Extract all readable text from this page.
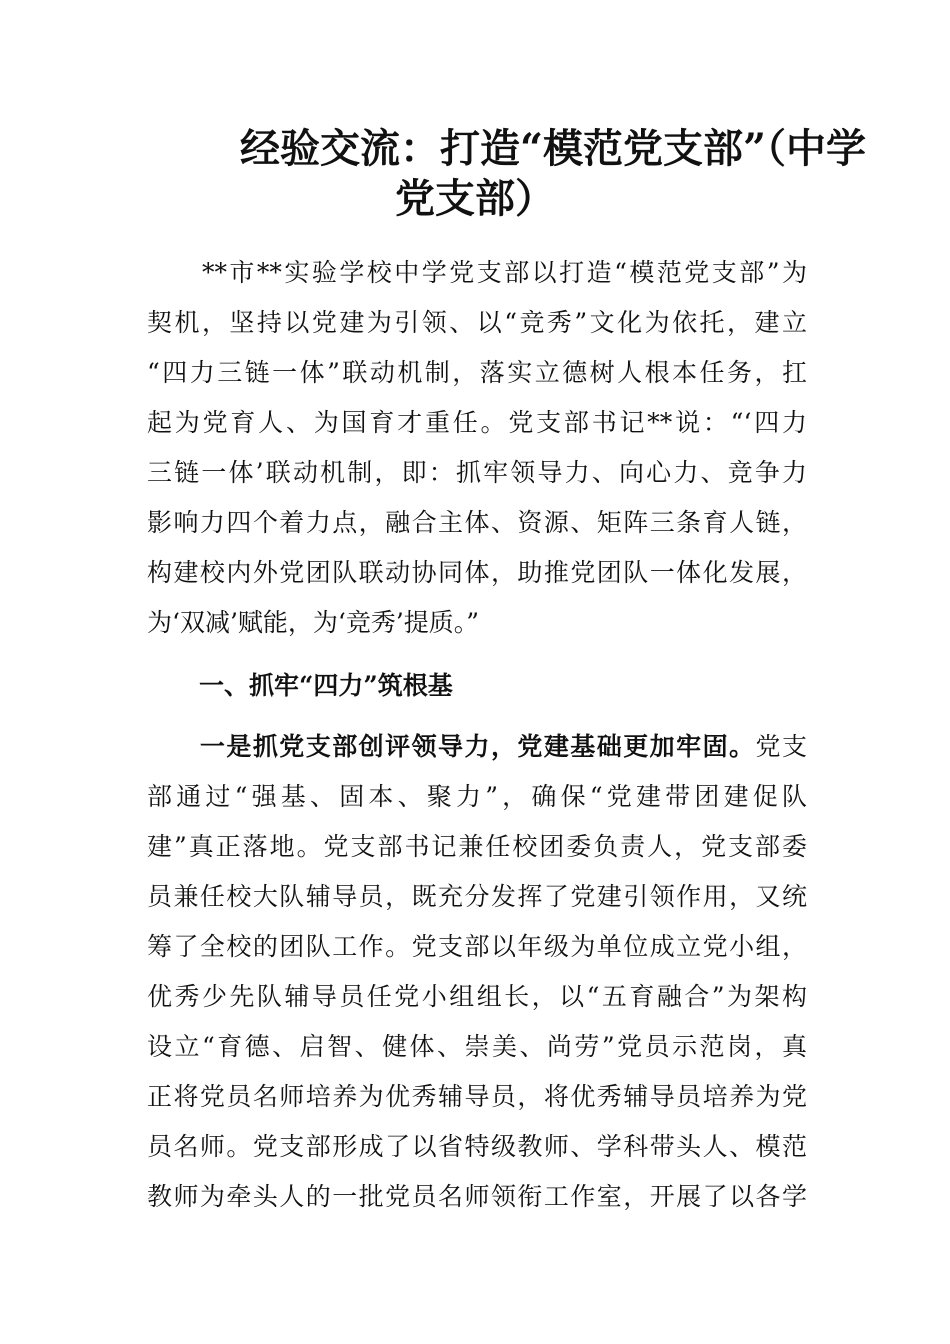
经验交流：打造“模范党支部”（中学
党支部）
　　**市**实验学校中学党支部以打造“模范党支部”为
契机，坚持以党建为引领、以“竞秀”文化为依托，建立
“四力三链一体”联动机制，落实立德树人根本任务，扛
起为党育人、为国育才重任。党支部书记**说：“‘四力
三链一体’联动机制，即：抓牢领导力、向心力、竞争力
影响力四个着力点，融合主体、资源、矩阵三条育人链，
构建校内外党团队联动协同体，助推党团队一体化发展，
为‘双减’赋能，为‘竞秀’提质。”
一、抓牢“四力”筑根基
　　一是抓党支部创评领导力，党建基础更加牢固。党支
部通过“强基、固本、聚力”，确保“党建带团建促队
建”真正落地。党支部书记兼任校团委负责人，党支部委
员兼任校大队辅导员，既充分发挥了党建引领作用，又统
筹了全校的团队工作。党支部以年级为单位成立党小组，
优秀少先队辅导员任党小组组长，以“五育融合”为架构
设立“育德、启智、健体、崇美、尚劳”党员示范岗，真
正将党员名师培养为优秀辅导员，将优秀辅导员培养为党
员名师。党支部形成了以省特级教师、学科带头人、模范
教师为牵头人的一批党员名师领衔工作室，开展了以各学
